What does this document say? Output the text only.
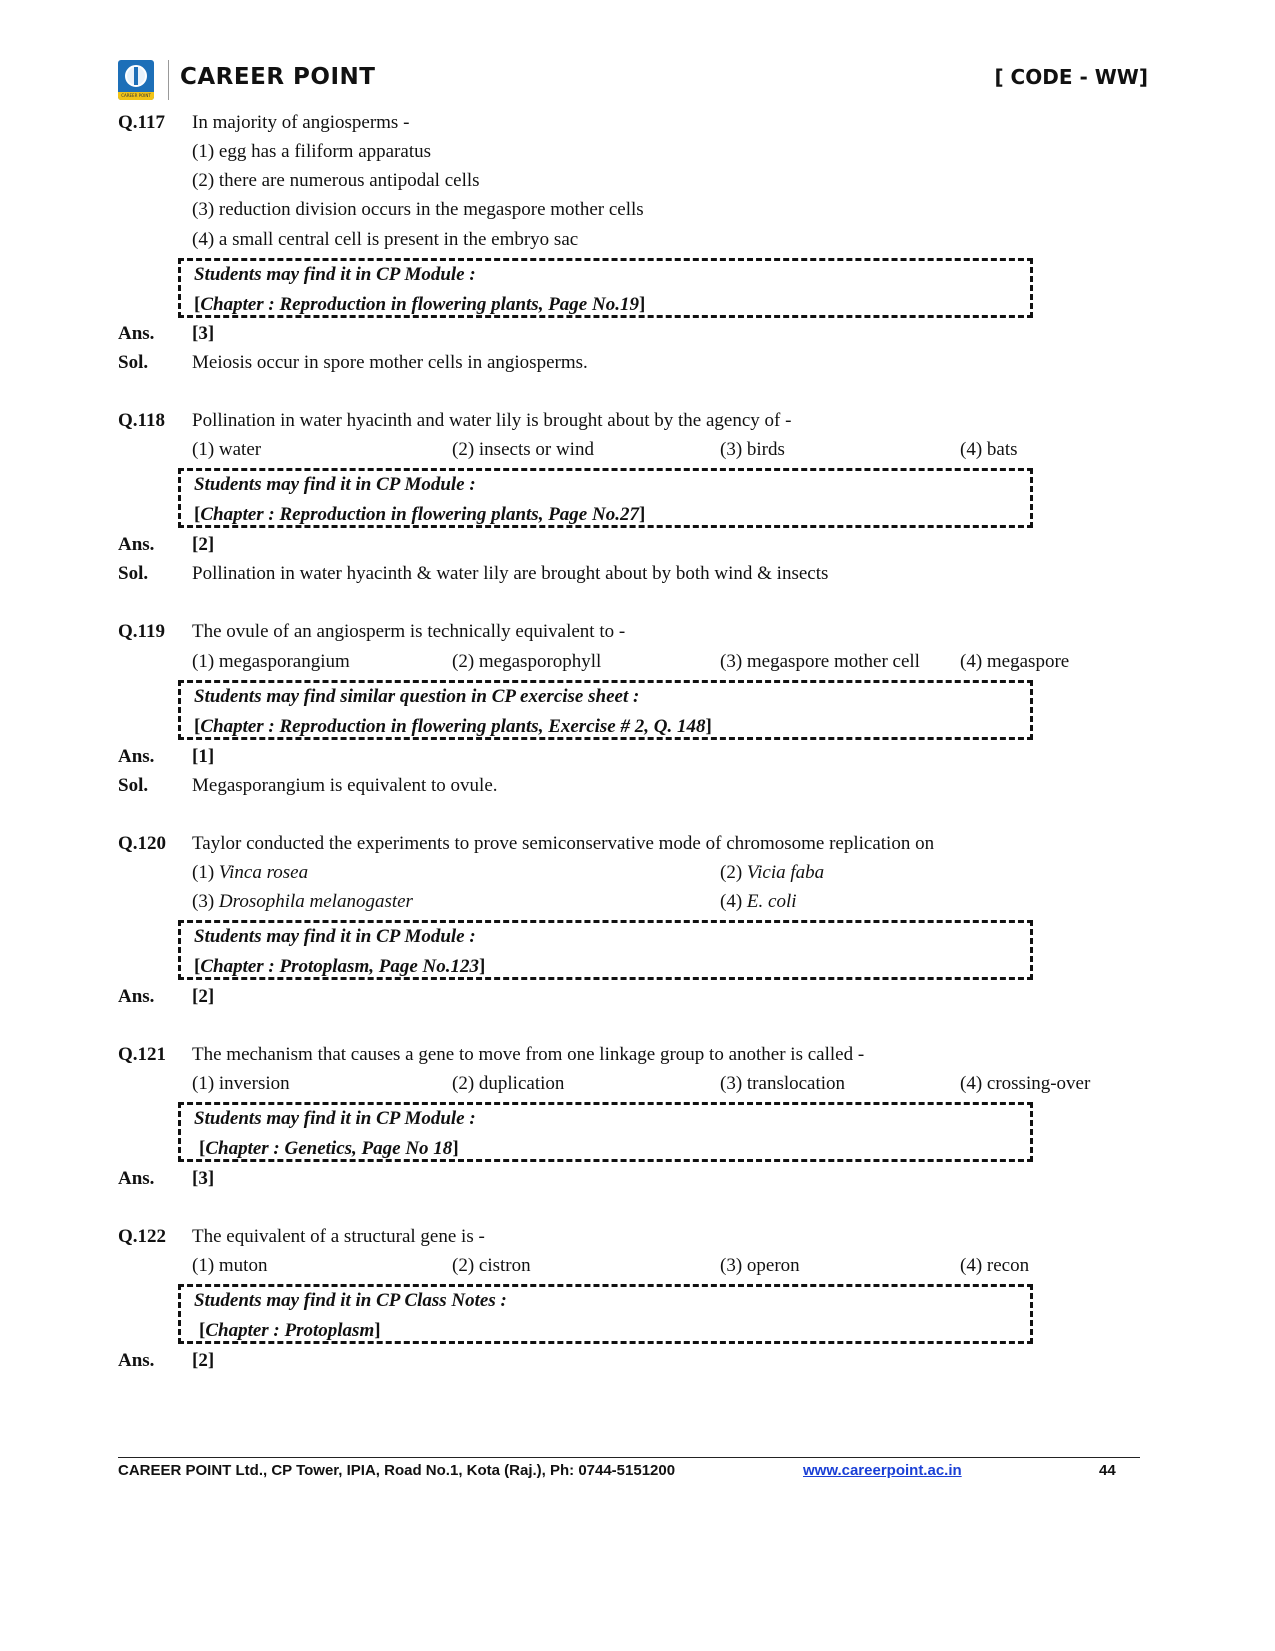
CAREER POINT
CAREER POINT	[ CODE - WW]
Q.117 In majority of angiosperms -
(1) egg has a filiform apparatus
(2) there are numerous antipodal cells
(3) reduction division occurs in the megaspore mother cells
(4) a small central cell is present in the embryo sac
Students may find it in CP Module :
[Chapter : Reproduction in flowering plants, Page No.19]
Ans. [3]
Sol. Meiosis occur in spore mother cells in angiosperms.
Q.118 Pollination in water hyacinth and water lily is brought about by the agency of -
(1) water	(2) insects or wind	(3) birds	(4) bats
Students may find it in CP Module :
[Chapter : Reproduction in flowering plants, Page No.27]
Ans. [2]
Sol. Pollination in water hyacinth & water lily are brought about by both wind & insects
Q.119 The ovule of an angiosperm is technically equivalent to -
(1) megasporangium	(2) megasporophyll	(3) megaspore mother cell (4) megaspore
Students may find similar question in CP exercise sheet :
[Chapter : Reproduction in flowering plants, Exercise # 2, Q. 148]
Ans. [1]
Sol. Megasporangium is equivalent to ovule.
Q.120 Taylor conducted the experiments to prove semiconservative mode of chromosome replication on
(1) Vinca rosea	(2) Vicia faba
(3) Drosophila melanogaster	(4) E. coli
Students may find it in CP Module :
[Chapter : Protoplasm, Page No.123]
Ans. [2]
Q.121 The mechanism that causes a gene to move from one linkage group to another is called -
(1) inversion	(2) duplication	(3) translocation	(4) crossing-over
Students may find it in CP Module :
[Chapter : Genetics, Page No 18]
Ans. [3]
Q.122 The equivalent of a structural gene is -
(1) muton	(2) cistron	(3) operon	(4) recon
Students may find it in CP Class Notes :
[Chapter : Protoplasm]
Ans. [2]
CAREER POINT Ltd., CP Tower, IPIA, Road No.1, Kota (Raj.), Ph: 0744-5151200	www.careerpoint.ac.in	44
